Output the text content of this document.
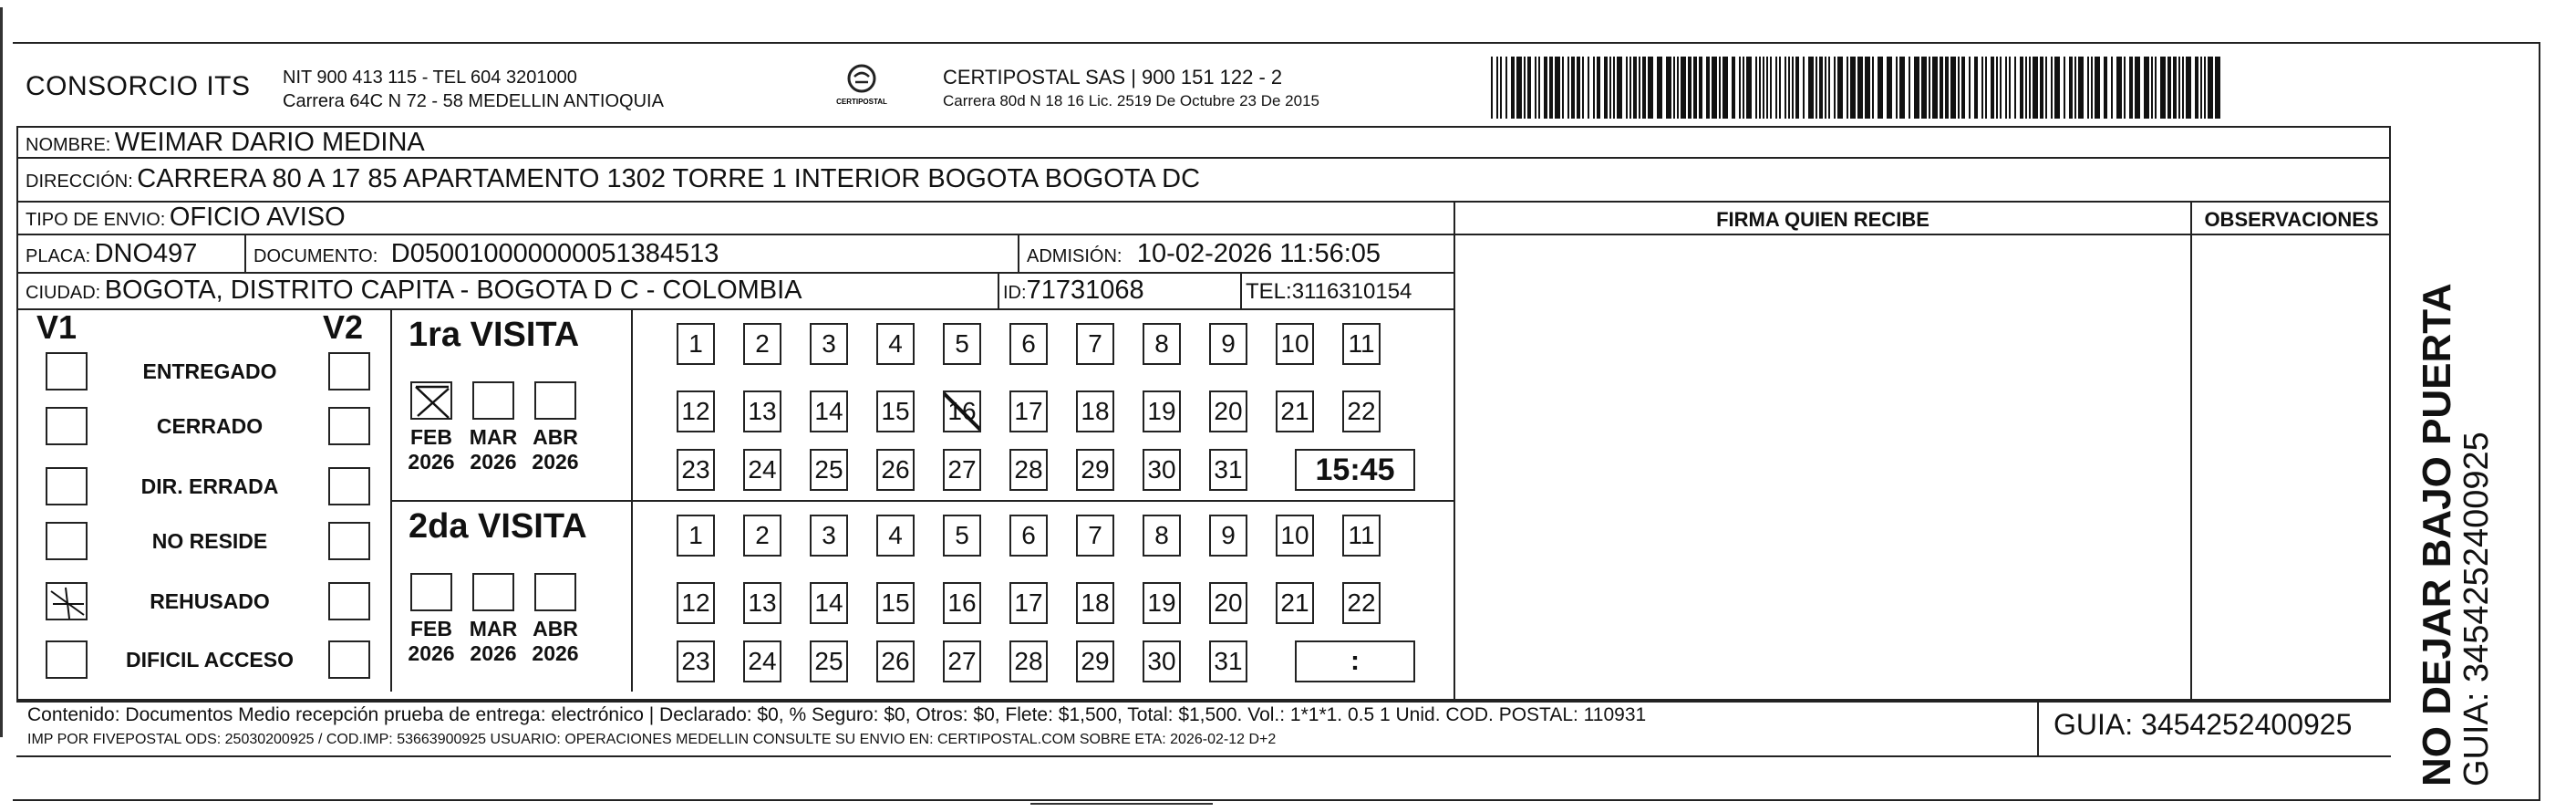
CONSORCIO ITS NIT 900 413 115 - TEL 604 3201000
Carrera 64C N 72 - 58 MEDELLIN ANTIOQUIA	CERTIPOSTAL
CERTIPOSTAL SAS | 900 151 122 - 2
Carrera 80d N 18 16 Lic. 2519 De Octubre 23 De 2015
NOMBRE: WEIMAR DARIO MEDINA
DIRECCIÓN: CARRERA 80 A 17 85 APARTAMENTO 1302 TORRE 1 INTERIOR BOGOTA BOGOTA DC
TIPO DE ENVIO: OFICIO AVISO	FIRMA QUIEN RECIBE	OBSERVACIONES
PLACA: DNO497	DOCUMENTO: D050010000000051384513	ADMISIÓN: 10-02-2026 11:56:05
CIUDAD: BOGOTA, DISTRITO CAPITA - BOGOTA D C - COLOMBIA	ID:71731068	TEL:3116310154
V1	V2
ENTREGADO
CERRADO
DIR. ERRADA
NO RESIDE
REHUSADO
DIFICIL ACCESO
1ra VISITA
FEB
2026
MAR
2026
ABR
2026
1	2	3	4	5	6	7	8	9	10 11
12 13 14 15 16 17 18 19 20 21 22
23 24 25 26 27 28 29 30 31	15:45
2da VISITA
FEB
2026
MAR
2026
ABR
2026
1	2	3	4	5	6	7	8	9	10 11
12 13 14 15 16 17 18 19 20 21 22
23 24 25 26 27 28 29 30 31	:
Contenido: Documentos Medio recepción prueba de entrega: electrónico | Declarado: $0, % Seguro: $0, Otros: $0, Flete: $1,500, Total: $1,500. Vol.: 1*1*1. 0.5 1 Unid. COD. POSTAL: 110931
IMP POR FIVEPOSTAL ODS: 25030200925 / COD.IMP: 53663900925 USUARIO: OPERACIONES MEDELLIN CONSULTE SU ENVIO EN: CERTIPOSTAL.COM SOBRE ETA: 2026-02-12 D+2	GUIA: 3454252400925 NO DEJAR BAJO PUERTA
GUIA: 3454252400925
